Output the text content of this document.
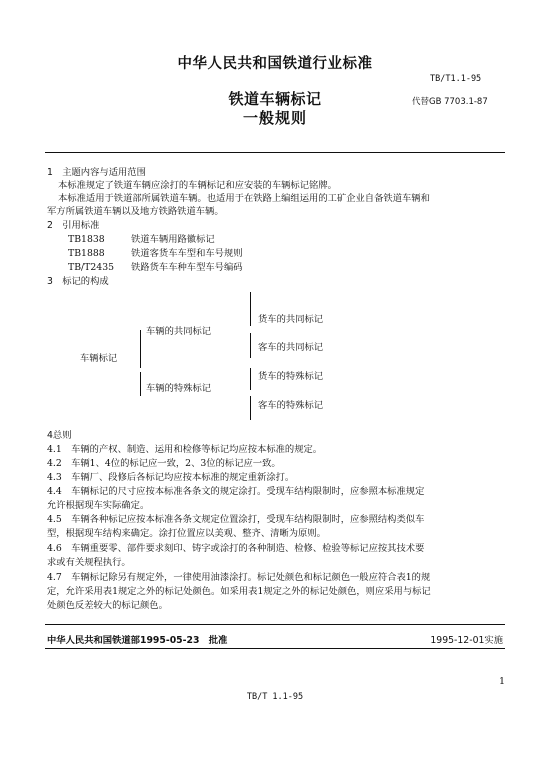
中华人民共和国铁道行业标准
TB/T1.1-95
铁道车辆标记	代替GB 7703.1-87
一般规则
1　主题内容与适用范围
本标准规定了铁道车辆应涂打的车辆标记和应安装的车辆标记铭牌。
本标准适用于铁道部所属铁道车辆。也适用于在铁路上编组运用的工矿企业自备铁道车辆和
军方所属铁道车辆以及地方铁路铁道车辆。
2　引用标准
TB1838	铁道车辆用路徽标记
TB1888	铁道客货车车型和车号规则
TB/T2435 铁路货车车种车型车号编码
3　标记的构成
车辆标记
车辆的共同标记
车辆的特殊标记
货车的共同标记
客车的共同标记
货车的特殊标记
客车的特殊标记
4总则
4.1　车辆的产权、制造、运用和检修等标记均应按本标准的规定。
4.2　车辆1、4位的标记应一致，2、3位的标记应一致。
4.3　车辆厂、段修后各标记均应按本标准的规定重新涂打。
4.4　车辆标记的尺寸应按本标准各条文的规定涂打。受现车结构限制时，应参照本标准规定
允许根据现车实际确定。
4.5　车辆各种标记应按本标准各条文规定位置涂打，受现车结构限制时，应参照结构类似车
型，根据现车结构来确定。涂打位置应以美观、整齐、清晰为原则。
4.6　车辆重要零、部件要求刻印、铸字或涂打的各种制造、检修、检验等标记应按其技术要
求或有关规程执行。
4.7　车辆标记除另有规定外，一律使用油漆涂打。标记处颜色和标记颜色一般应符合表1的规
定，允许采用表1规定之外的标记处颜色。如采用表1规定之外的标记处颜色，则应采用与标记
处颜色反差较大的标记颜色。
中华人民共和国铁道部1995-05-23　批准	1995-12-01实施
1
TB/T 1.1-95
